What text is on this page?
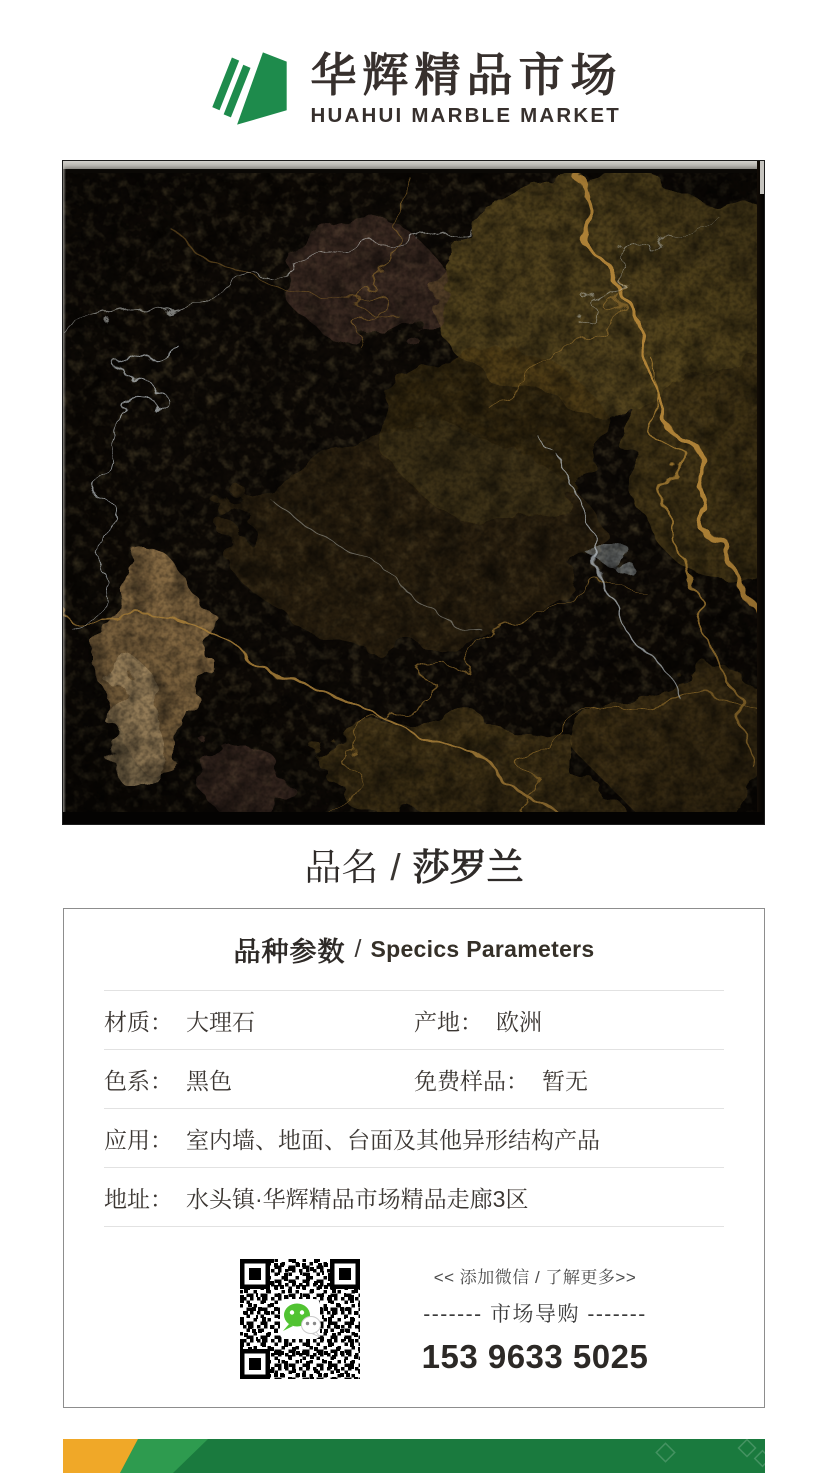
华辉精品市场
HUAHUI MARBLE MARKET
品名 / 莎罗兰
品种参数 / Specics Parameters
材质： 大理石	产地： 欧洲
色系： 黑色	免费样品： 暂无
应用： 室内墙、地面、台面及其他异形结构产品
地址： 水头镇·华辉精品市场精品走廊3区
<< 添加微信 / 了解更多>>
------- 市场导购 -------
153 9633 5025
